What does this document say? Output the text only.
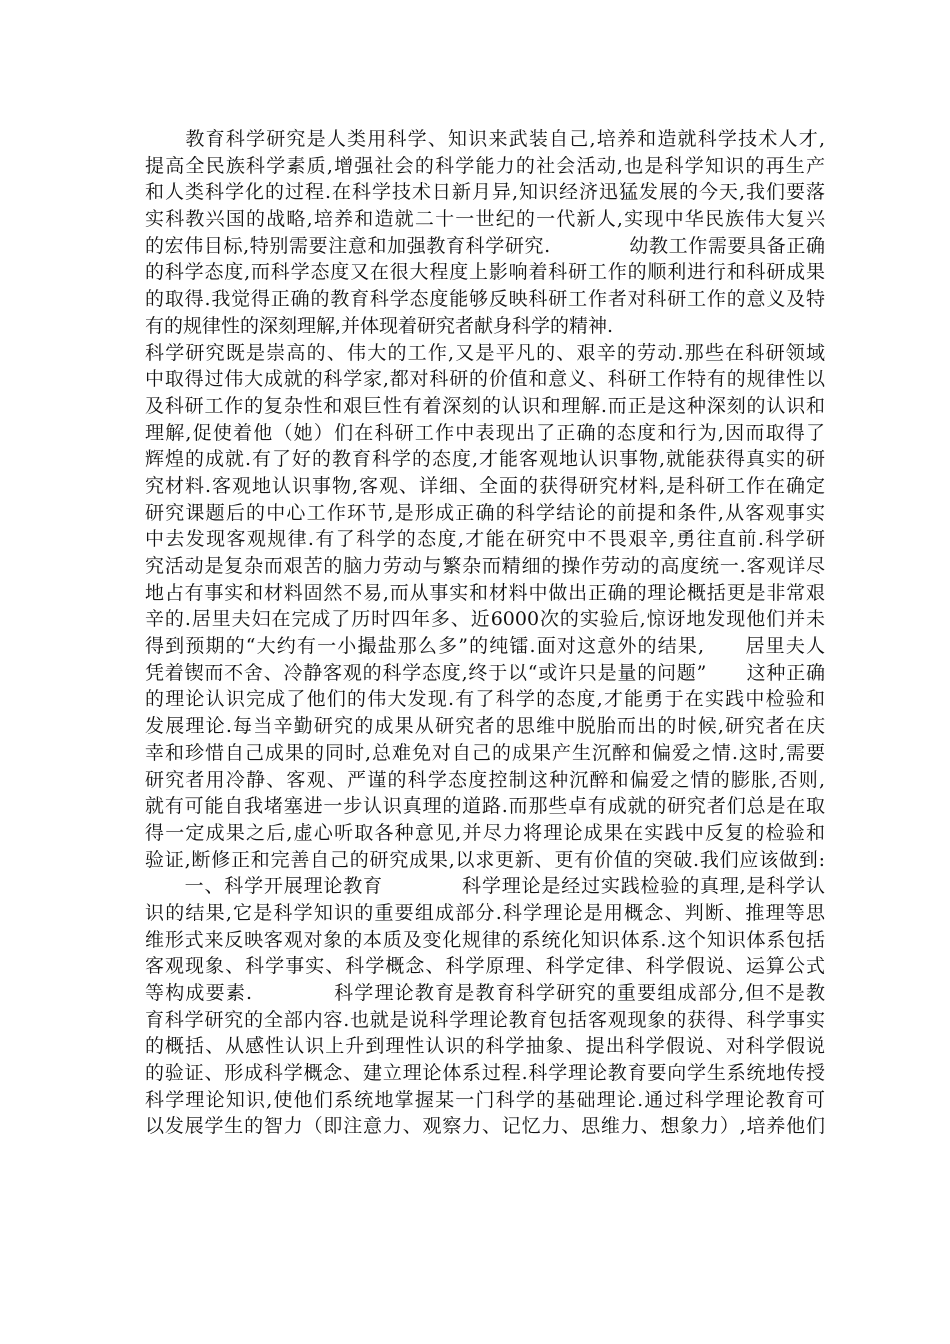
　　教育科学研究是人类用科学、知识来武装自己,培养和造就科学技术人才,
提高全民族科学素质,增强社会的科学能力的社会活动,也是科学知识的再生产
和人类科学化的过程.在科学技术日新月异,知识经济迅猛发展的今天,我们要落
实科教兴国的战略,培养和造就二十一世纪的一代新人,实现中华民族伟大复兴
的宏伟目标,特别需要注意和加强教育科学研究.　　　　幼教工作需要具备正确
的科学态度,而科学态度又在很大程度上影响着科研工作的顺利进行和科研成果
的取得.我觉得正确的教育科学态度能够反映科研工作者对科研工作的意义及特
有的规律性的深刻理解,并体现着研究者献身科学的精神.
科学研究既是崇高的、伟大的工作,又是平凡的、艰辛的劳动.那些在科研领域
中取得过伟大成就的科学家,都对科研的价值和意义、科研工作特有的规律性以
及科研工作的复杂性和艰巨性有着深刻的认识和理解.而正是这种深刻的认识和
理解,促使着他（她）们在科研工作中表现出了正确的态度和行为,因而取得了
辉煌的成就.有了好的教育科学的态度,才能客观地认识事物,就能获得真实的研
究材料.客观地认识事物,客观、详细、全面的获得研究材料,是科研工作在确定
研究课题后的中心工作环节,是形成正确的科学结论的前提和条件,从客观事实
中去发现客观规律.有了科学的态度,才能在研究中不畏艰辛,勇往直前.科学研
究活动是复杂而艰苦的脑力劳动与繁杂而精细的操作劳动的高度统一.客观详尽
地占有事实和材料固然不易,而从事实和材料中做出正确的理论概括更是非常艰
辛的.居里夫妇在完成了历时四年多、近6000次的实验后,惊讶地发现他们并未
得到预期的“大约有一小撮盐那么多”的纯镭.面对这意外的结果,　　居里夫人
凭着锲而不舍、冷静客观的科学态度,终于以“或许只是量的问题”　　这种正确
的理论认识完成了他们的伟大发现.有了科学的态度,才能勇于在实践中检验和
发展理论.每当辛勤研究的成果从研究者的思维中脱胎而出的时候,研究者在庆
幸和珍惜自己成果的同时,总难免对自己的成果产生沉醉和偏爱之情.这时,需要
研究者用冷静、客观、严谨的科学态度控制这种沉醉和偏爱之情的膨胀,否则,
就有可能自我堵塞进一步认识真理的道路.而那些卓有成就的研究者们总是在取
得一定成果之后,虚心听取各种意见,并尽力将理论成果在实践中反复的检验和
验证,断修正和完善自己的研究成果,以求更新、更有价值的突破.我们应该做到:
　　一、科学开展理论教育　　　　科学理论是经过实践检验的真理,是科学认
识的结果,它是科学知识的重要组成部分.科学理论是用概念、判断、推理等思
维形式来反映客观对象的本质及变化规律的系统化知识体系.这个知识体系包括
客观现象、科学事实、科学概念、科学原理、科学定律、科学假说、运算公式
等构成要素.　　　　科学理论教育是教育科学研究的重要组成部分,但不是教
育科学研究的全部内容.也就是说科学理论教育包括客观现象的获得、科学事实
的概括、从感性认识上升到理性认识的科学抽象、提出科学假说、对科学假说
的验证、形成科学概念、建立理论体系过程.科学理论教育要向学生系统地传授
科学理论知识,使他们系统地掌握某一门科学的基础理论.通过科学理论教育可
以发展学生的智力（即注意力、观察力、记忆力、思维力、想象力）,培养他们
